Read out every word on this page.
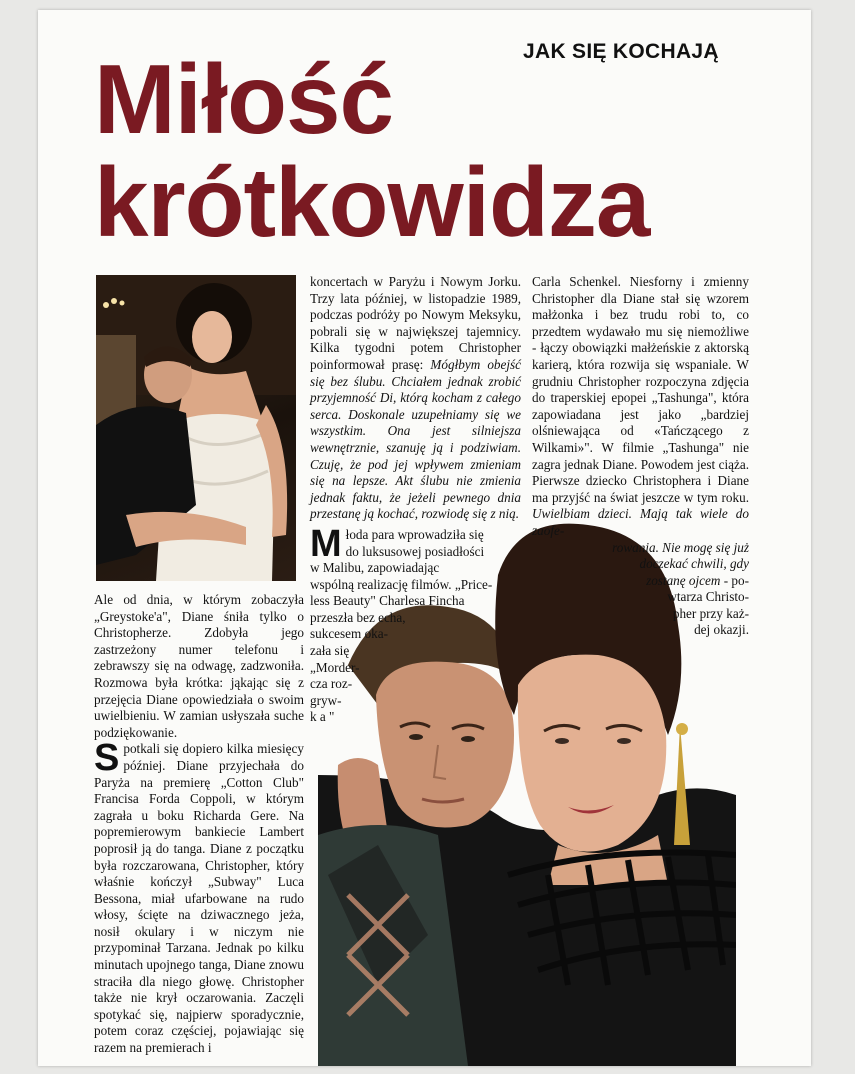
JAK SIĘ KOCHAJĄ
Miłość
krótkowidza

Ale od dnia, w którym zobaczyła „Greystoke'a", Diane śniła tylko o Christopherze. Zdobyła jego zastrzeżony numer telefonu i zebrawszy się na odwagę, zadzwoniła. Rozmowa była krótka: jąkając się z przejęcia Diane opowiedziała o swoim uwielbieniu. W zamian usłyszała suche podziękowanie.

Spotkali się dopiero kilka miesięcy później. Diane przyjechała do Paryża na premierę „Cotton Club" Francisa Forda Coppoli, w którym zagrała u boku Richarda Gere. Na popremierowym bankiecie Lambert poprosił ją do tanga. Diane z początku była rozczarowana, Christopher, który właśnie kończył „Subway" Luca Bessona, miał ufarbowane na rudo włosy, ścięte na dziwacznego jeża, nosił okulary i w niczym nie przypominał Tarzana. Jednak po kilku minutach upojnego tanga, Diane znowu straciła dla niego głowę. Christopher także nie krył oczarowania. Zaczęli spotykać się, najpierw sporadycznie, potem coraz częściej, pojawiając się razem na premierach i

koncertach w Paryżu i Nowym Jorku. Trzy lata później, w listopadzie 1989, podczas podróży po Nowym Meksyku, pobrali się w największej tajemnicy. Kilka tygodni potem Christopher poinformował prasę: Mógłbym obejść się bez ślubu. Chciałem jednak zrobić przyjemność Di, którą kocham z całego serca. Doskonale uzupełniamy się we wszystkim. Ona jest silniejsza wewnętrznie, szanuję ją i podziwiam. Czuję, że pod jej wpływem zmieniam się na lepsze. Akt ślubu nie zmienia jednak faktu, że jeżeli pewnego dnia przestanę ją kochać, rozwiodę się z nią.

M łoda para wprowadziła się
do luksusowej posiadłości
w Malibu, zapowiadając
wspólną realizację filmów. „Price-
less Beauty" Charlesa Fincha
przeszła bez echa,
sukcesem oka-
zała się
„Morder-
cza roz-
gryw-
k a "

Carla Schenkel. Niesforny i zmienny Christopher dla Diane stał się wzorem małżonka i bez trudu robi to, co przedtem wydawało mu się niemożliwe - łączy obowiązki małżeńskie z aktorską karierą, która rozwija się wspaniale. W grudniu Christopher rozpoczyna zdjęcia do traperskiej epopei „Tashunga", która zapowiadana jest jako „bardziej olśniewająca od «Tańczącego z Wilkami»". W filmie „Tashunga" nie zagra jednak Diane. Powodem jest ciąża. Pierwsze dziecko Christophera i Diane ma przyjść na świat jeszcze w tym roku. Uwielbiam dzieci. Mają tak wiele do zaofe-

rowania. Nie mogę się już
doczekać chwili, gdy
zostanę ojcem - po-
wtarza Christo-
pher przy każ-
dej okazji.
